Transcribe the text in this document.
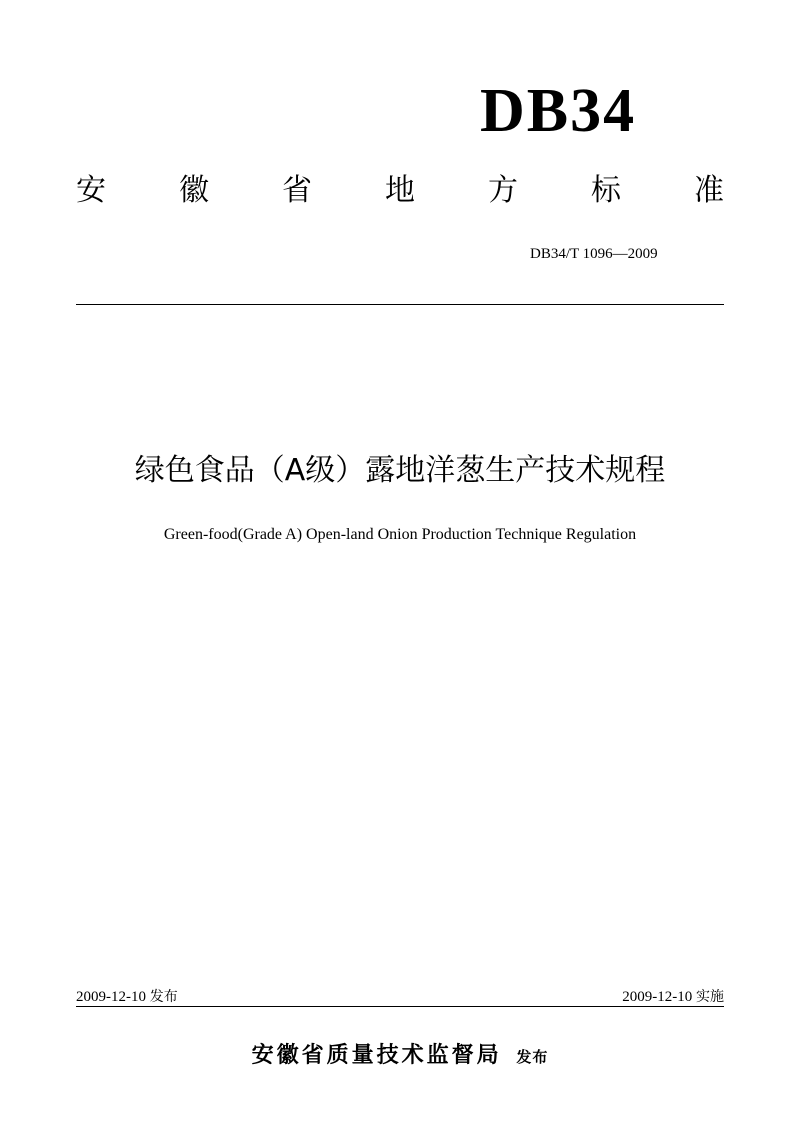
DB34
安 徽 省 地 方 标 准
DB34/T 1096—2009
绿色食品（A级）露地洋葱生产技术规程
Green-food(Grade A) Open-land Onion Production Technique Regulation
2009-12-10 发布	2009-12-10 实施
安徽省质量技术监督局 发布
